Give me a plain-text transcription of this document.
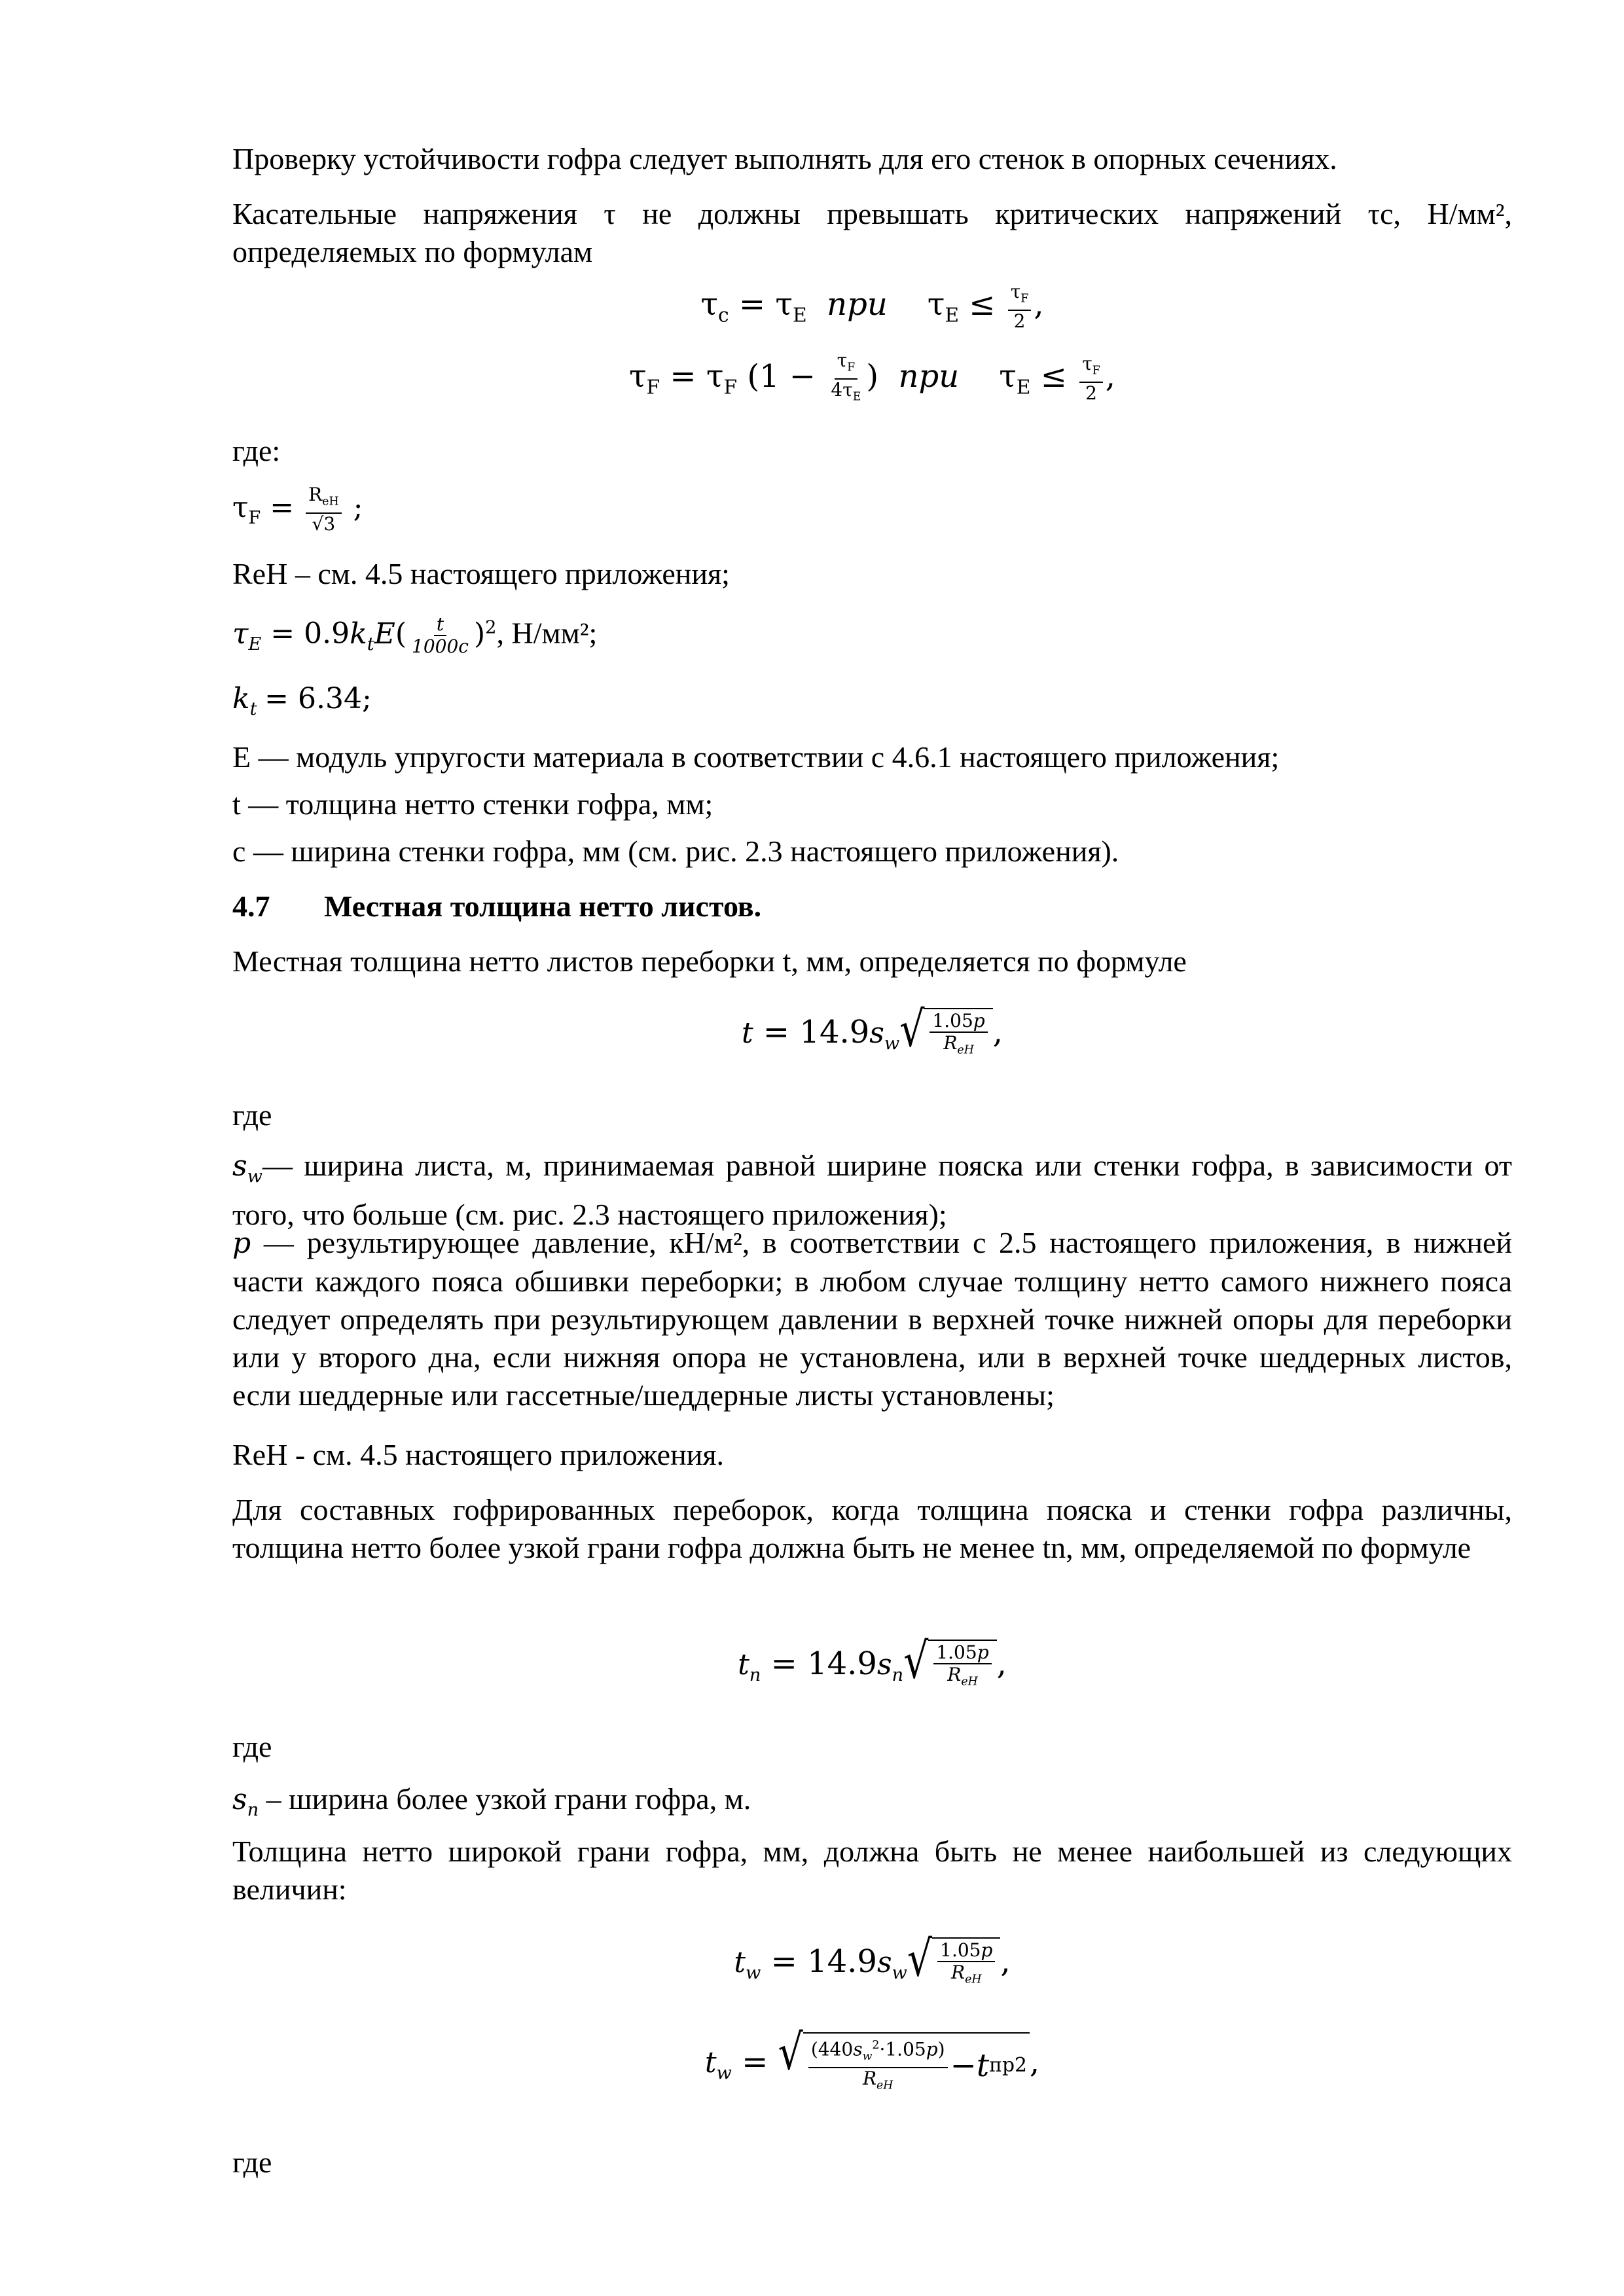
Проверку устойчивости гофра следует выполнять для его стенок в опорных сечениях.
Касательные напряжения τ не должны превышать критических напряжений τс, Н/мм², определяемых по формулам
$\tau_c = \tau_E$ при    $\tau_E \le \frac{\tau_F}{2}$ ,
$\tau_F = \tau_F$ ($1 - \frac{\tau_F}{4\tau_E}$ )  при    $\tau_E \le \frac{\tau_F}{2}$ ,
где:
$\tau_F = \frac{R_{eH}}{√3}$ ;
ReH – см. 4.5 настоящего приложения;
$\tau_E = 0.9k_tE( \frac{t}{1000c} )^2$, Н/мм²;
$k_t = 6.34$;
E — модуль упругости материала в соответствии с 4.6.1 настоящего приложения;
t — толщина нетто стенки гофра, мм;
c — ширина стенки гофра, мм (см. рис. 2.3 настоящего приложения).
4.7 Местная толщина нетто листов.
Местная толщина нетто листов переборки t, мм, определяется по формуле
$t = 14.9s_w$ √ $\frac{1.05p}{R_{eH}}$ ,
где
$s_w—$ ширина листа, м, принимаемая равной ширине пояска или стенки гофра, в зависимости от того, что больше (см. рис. 2.3 настоящего приложения);
p — результирующее давление, кН/м², в соответствии с 2.5 настоящего приложения, в нижней части каждого пояса обшивки переборки; в любом случае толщину нетто самого нижнего пояса следует определять при результирующем давлении в верхней точке нижней опоры для переборки или у второго дна, если нижняя опора не установлена, или в верхней точке шеддерных листов, если шеддерные или гассетные/шеддерные листы установлены;
ReH - см. 4.5 настоящего приложения.
Для составных гофрированных переборок, когда толщина пояска и стенки гофра различны, толщина нетто более узкой грани гофра должна быть не менее tn, мм, определяемой по формуле
$t_n = 14.9s_n$ √ $\frac{1.05p}{R_{eH}}$ ,
где
$s_n$ – ширина более узкой грани гофра, м.
Толщина нетто широкой грани гофра, мм, должна быть не менее наибольшей из следующих величин:
$t_w = 14.9s_w$ √ $\frac{1.05p}{R_{eH}}$ ,
$t_w$ = √ $\frac{(440s_w^2\cdot 1.05p)}{R_{eH}} - t$ пр 2 ,
где
